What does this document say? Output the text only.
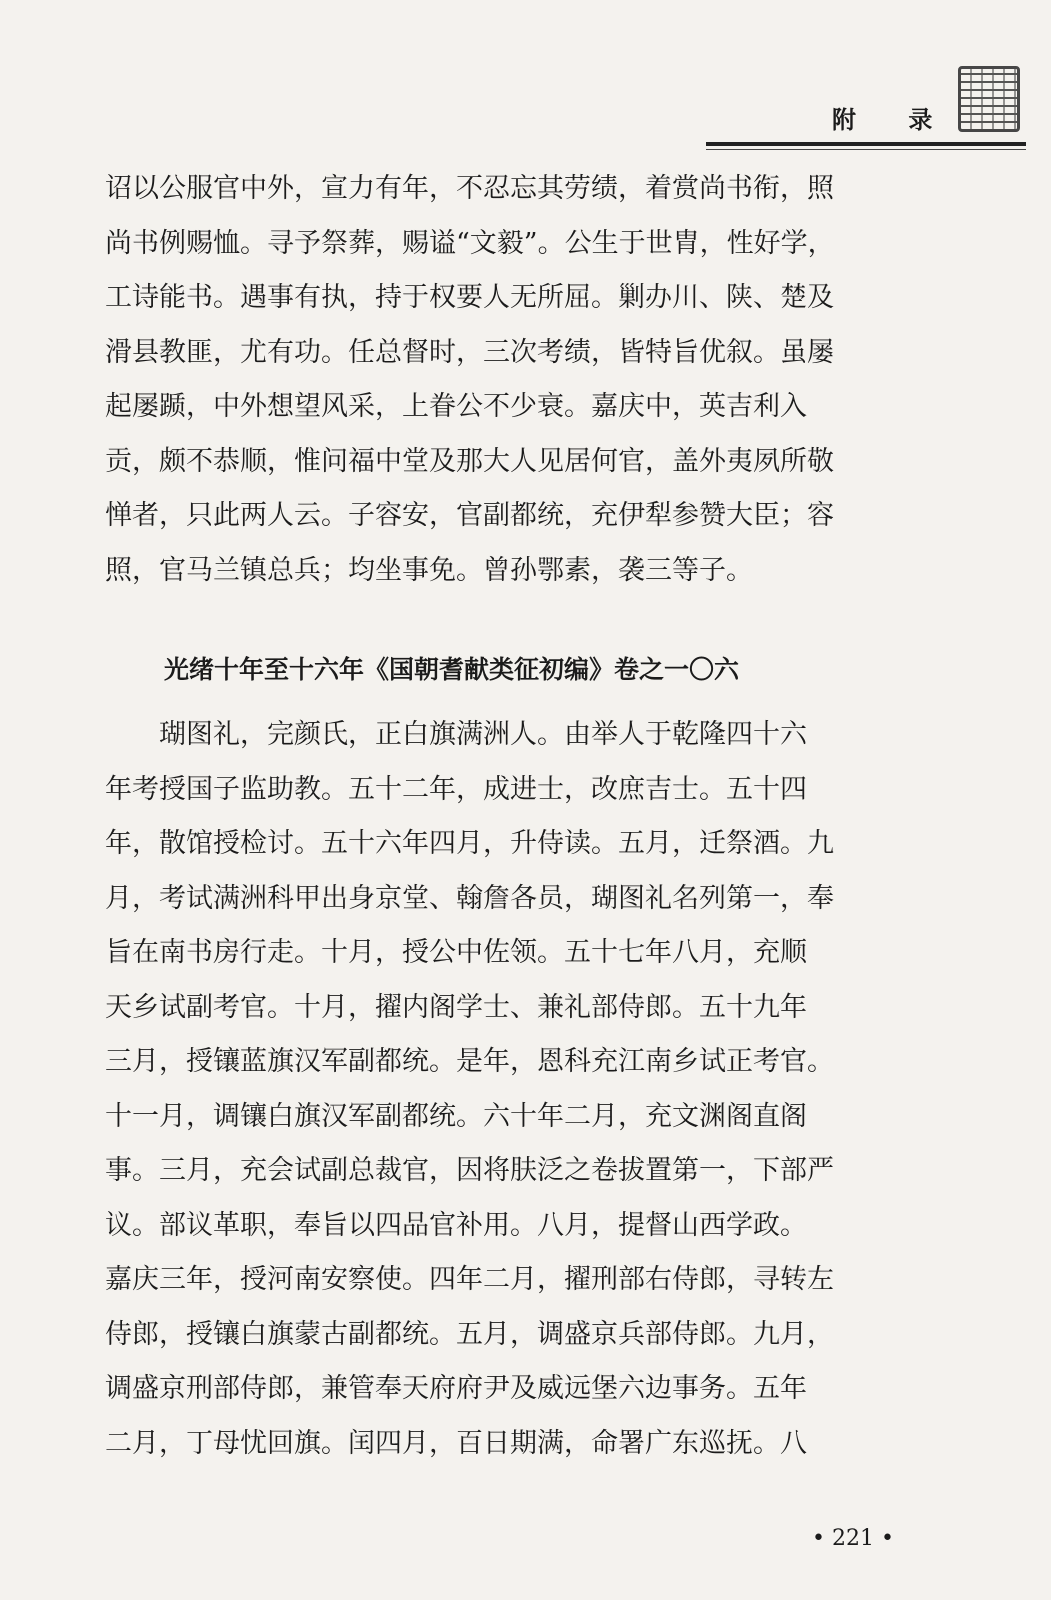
附 录
诏以公服官中外，宣力有年，不忍忘其劳绩，着赏尚书衔，照
尚书例赐恤。寻予祭葬，赐谥“文毅”。公生于世胄，性好学，
工诗能书。遇事有执，持于权要人无所屈。剿办川、陕、楚及
滑县教匪，尤有功。任总督时，三次考绩，皆特旨优叙。虽屡
起屡踬，中外想望风采，上眷公不少衰。嘉庆中，英吉利入
贡，颇不恭顺，惟问福中堂及那大人见居何官，盖外夷夙所敬
惮者，只此两人云。子容安，官副都统，充伊犁参赞大臣；容
照，官马兰镇总兵；均坐事免。曾孙鄂素，袭三等子。
光绪十年至十六年《国朝耆献类征初编》卷之一〇六
　　瑚图礼，完颜氏，正白旗满洲人。由举人于乾隆四十六
年考授国子监助教。五十二年，成进士，改庶吉士。五十四
年，散馆授检讨。五十六年四月，升侍读。五月，迁祭酒。九
月，考试满洲科甲出身京堂、翰詹各员，瑚图礼名列第一，奉
旨在南书房行走。十月，授公中佐领。五十七年八月，充顺
天乡试副考官。十月，擢内阁学士、兼礼部侍郎。五十九年
三月，授镶蓝旗汉军副都统。是年，恩科充江南乡试正考官。
十一月，调镶白旗汉军副都统。六十年二月，充文渊阁直阁
事。三月，充会试副总裁官，因将肤泛之卷拔置第一，下部严
议。部议革职，奉旨以四品官补用。八月，提督山西学政。
嘉庆三年，授河南安察使。四年二月，擢刑部右侍郎，寻转左
侍郎，授镶白旗蒙古副都统。五月，调盛京兵部侍郎。九月，
调盛京刑部侍郎，兼管奉天府府尹及威远堡六边事务。五年
二月，丁母忧回旗。闰四月，百日期满，命署广东巡抚。八
• 221 •
